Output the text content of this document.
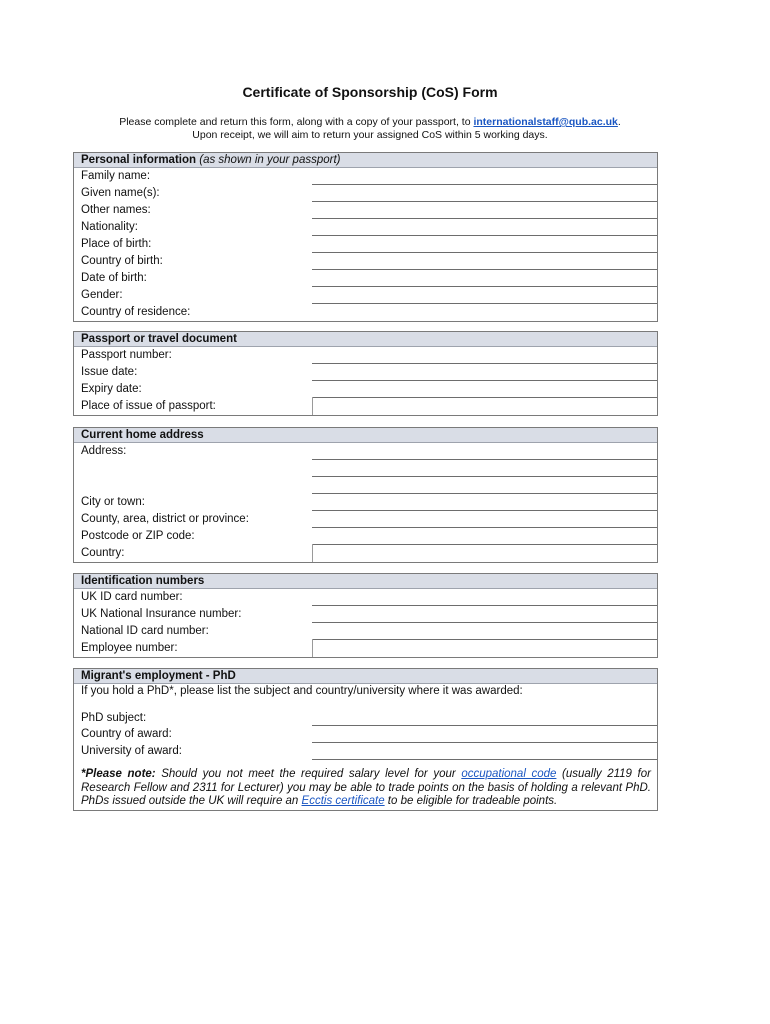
Certificate of Sponsorship (CoS) Form
Please complete and return this form, along with a copy of your passport, to internationalstaff@qub.ac.uk.
Upon receipt, we will aim to return your assigned CoS within 5 working days.
Personal information (as shown in your passport)
Family name:
Given name(s):
Other names:
Nationality:
Place of birth:
Country of birth:
Date of birth:
Gender:
Country of residence:
Passport or travel document
Passport number:
Issue date:
Expiry date:
Place of issue of passport:
Current home address
Address:
City or town:
County, area, district or province:
Postcode or ZIP code:
Country:
Identification numbers
UK ID card number:
UK National Insurance number:
National ID card number:
Employee number:
Migrant's employment - PhD
If you hold a PhD*, please list the subject and country/university where it was awarded:
PhD subject:
Country of award:
University of award:
*Please note: Should you not meet the required salary level for your occupational code (usually 2119 for Research Fellow and 2311 for Lecturer) you may be able to trade points on the basis of holding a relevant PhD. PhDs issued outside the UK will require an Ecctis certificate to be eligible for tradeable points.
